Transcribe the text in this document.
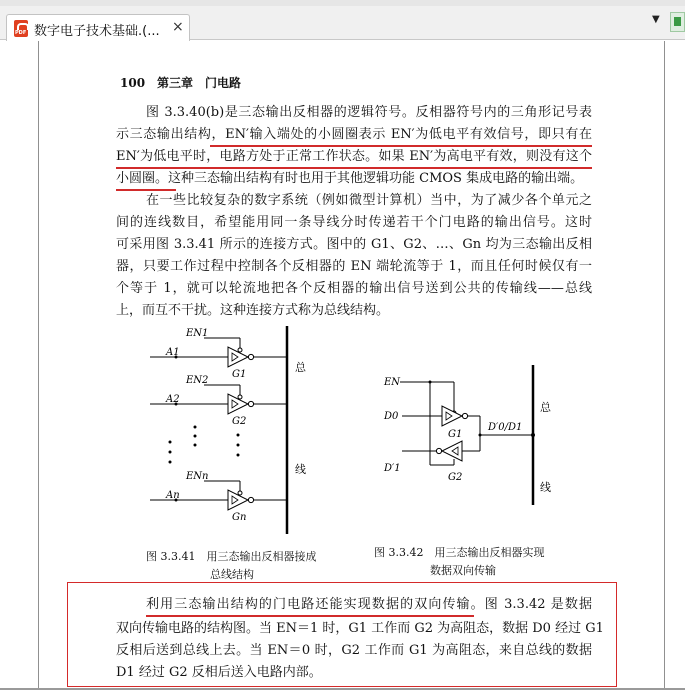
PDF
数字电子技术基础.(... ×	▼
100　第三章　门电路
图 3.3.40(b)是三态输出反相器的逻辑符号。反相器符号内的三角形记号表
示三态输出结构，EN′输入端处的小圆圈表示 EN′为低电平有效信号，即只有在
EN′为低电平时，电路方处于正常工作状态。如果 EN′为高电平有效，则没有这个
小圆圈。这种三态输出结构有时也用于其他逻辑功能 CMOS 集成电路的输出端。
在一些比较复杂的数字系统（例如微型计算机）当中，为了减少各个单元之
间的连线数目，希望能用同一条导线分时传递若干个门电路的输出信号。这时
可采用图 3.3.41 所示的连接方式。图中的 G1、G2、…、Gn 均为三态输出反相
器，只要工作过程中控制各个反相器的 EN 端轮流等于 1，而且任何时候仅有一
个等于 1，就可以轮流地把各个反相器的输出信号送到公共的传输线——总线
上，而互不干扰。这种连接方式称为总线结构。
EN1
A1
G1
EN2
A2
G2
ENn
An
Gn
总
线
图 3.3.41　用三态输出反相器接成
总线结构
EN
D0
D′1
G1
G2
D′0/D1
总
线
图 3.3.42　用三态输出反相器实现
数据双向传输
利用三态输出结构的门电路还能实现数据的双向传输。图 3.3.42 是数据
双向传输电路的结构图。当 EN＝1 时，G1 工作而 G2 为高阻态，数据 D0 经过 G1
反相后送到总线上去。当 EN＝0 时，G2 工作而 G1 为高阻态，来自总线的数据
D1 经过 G2 反相后送入电路内部。
